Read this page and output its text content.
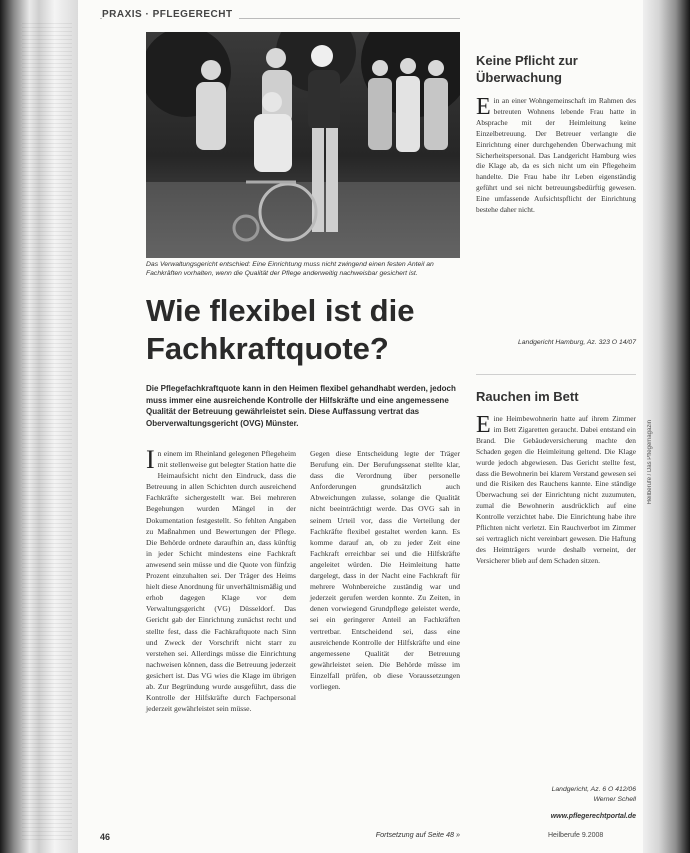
PRAXIS · PFLEGERECHT
Das Verwaltungsgericht entschied: Eine Einrichtung muss nicht zwingend einen festen Anteil an Fachkräften vorhalten, wenn die Qualität der Pflege anderweitig nachweisbar gesichert ist.
Wie flexibel ist die Fachkraftquote?

Die Pflegefachkraftquote kann in den Heimen flexibel gehandhabt werden, jedoch muss immer eine ausreichende Kontrolle der Hilfskräfte und eine angemessene Qualität der Betreuung gewährleistet sein. Diese Auffassung vertrat das Oberverwaltungsgericht (OVG) Münster.

In einem im Rheinland gelegenen Pflegeheim mit stellenweise gut belegter Station hatte die Heimaufsicht nicht den Eindruck, dass die Betreuung in allen Schichten durch ausreichend Fachkräfte sichergestellt war. Bei mehreren Begehungen wurden Mängel in der Dokumentation festgestellt. So fehlten Angaben zu Maßnahmen und Bewertungen der Pflege. Die Behörde ordnete daraufhin an, dass künftig in jeder Schicht mindestens eine Fachkraft anwesend sein müsse und die Quote von fünfzig Prozent einzuhalten sei. Der Träger des Heims hielt diese Anordnung für unverhältnismäßig und erhob dagegen Klage vor dem Verwaltungsgericht (VG) Düsseldorf. Das Gericht gab der Einrichtung zunächst recht und stellte fest, dass die Fachkraftquote nach Sinn und Zweck der Vorschrift nicht starr zu verstehen sei. Allerdings müsse die Einrichtung nachweisen können, dass die Betreuung jederzeit gesichert ist. Das VG wies die Klage im übrigen ab. Zur Begründung wurde ausgeführt, dass die Kontrolle der Hilfskräfte durch Fachpersonal jederzeit gewährleistet sein müsse.

Gegen diese Entscheidung legte der Träger Berufung ein. Der Berufungssenat stellte klar, dass die Verordnung über personelle Anforderungen grundsätzlich auch Abweichungen zulasse, solange die Qualität nicht beeinträchtigt werde. Das OVG sah in seinem Urteil vor, dass die Verteilung der Fachkräfte flexibel gestaltet werden kann. Es komme darauf an, ob zu jeder Zeit eine Fachkraft erreichbar sei und die Hilfskräfte angeleitet würden. Die Heimleitung hatte dargelegt, dass in der Nacht eine Fachkraft für mehrere Wohnbereiche zuständig war und jederzeit gerufen werden konnte. Zu Zeiten, in denen vorwiegend Grundpflege geleistet werde, sei ein geringerer Anteil an Fachkräften vertretbar. Entscheidend sei, dass eine ausreichende Kontrolle der Hilfskräfte und eine angemessene Qualität der Betreuung gewährleistet seien. Die Behörde müsse im Einzelfall prüfen, ob diese Voraussetzungen vorliegen.

Fortsetzung auf Seite 48 »
46	Heilberufe 9.2008
Keine Pflicht zur Überwachung

Ein an einer Wohngemeinschaft im Rahmen des betreuten Wohnens lebende Frau hatte in Absprache mit der Heimleitung keine Einzelbetreuung. Der Betreuer verlangte die Einrichtung einer durchgehenden Überwachung mit Sicherheitspersonal. Das Landgericht Hamburg wies die Klage ab, da es sich nicht um ein Pflegeheim handelte. Die Frau habe ihr Leben eigenständig geführt und sei nicht betreuungsbedürftig gewesen. Eine umfassende Aufsichtspflicht der Einrichtung bestehe daher nicht.

Landgericht Hamburg, Az. 323 O 14/07

Rauchen im Bett

Eine Heimbewohnerin hatte auf ihrem Zimmer im Bett Zigaretten geraucht. Dabei entstand ein Brand. Die Gebäudeversicherung machte den Schaden gegen die Heimleitung geltend. Die Klage wurde jedoch abgewiesen. Das Gericht stellte fest, dass die Bewohnerin bei klarem Verstand gewesen sei und die Risiken des Rauchens kannte. Eine ständige Überwachung sei der Einrichtung nicht zuzumuten, zumal die Bewohnerin ausdrücklich auf eine Kontrolle verzichtet habe. Die Einrichtung habe ihre Pflichten nicht verletzt. Ein Rauchverbot im Zimmer sei vertraglich nicht vereinbart gewesen. Die Haftung des Heimträgers wurde deshalb verneint, der Versicherer blieb auf dem Schaden sitzen.

Landgericht, Az. 6 O 412/06
Werner Schell

www.pflegerechtportal.de
Heilberufe / Das Pflegemagazin
